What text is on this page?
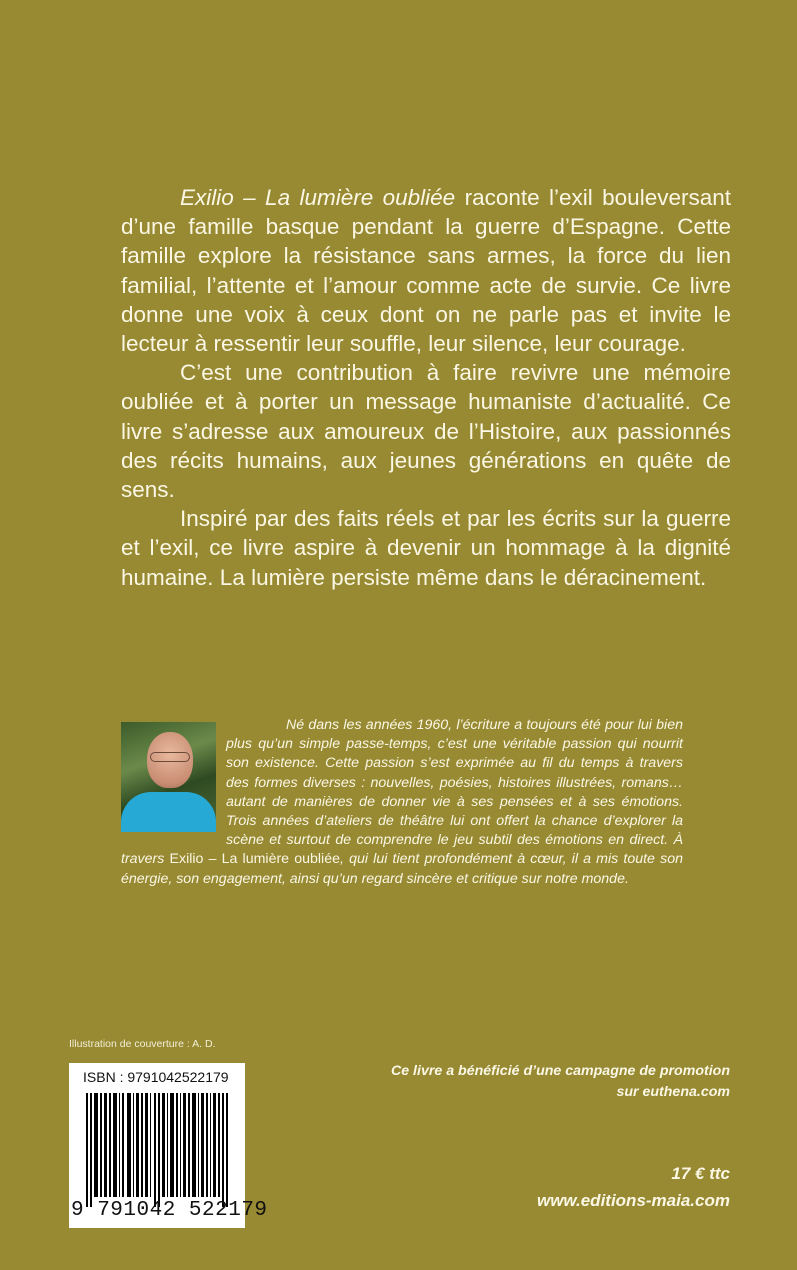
Exilio – La lumière oubliée raconte l’exil bouleversant d’une famille basque pendant la guerre d’Espagne. Cette famille explore la résistance sans armes, la force du lien familial, l’attente et l’amour comme acte de survie. Ce livre donne une voix à ceux dont on ne parle pas et invite le lecteur à ressentir leur souffle, leur silence, leur courage.

C’est une contribution à faire revivre une mémoire oubliée et à porter un message humaniste d’actualité. Ce livre s’adresse aux amoureux de l’Histoire, aux passionnés des récits humains, aux jeunes générations en quête de sens.

Inspiré par des faits réels et par les écrits sur la guerre et l’exil, ce livre aspire à devenir un hommage à la dignité humaine. La lumière persiste même dans le déracinement.

Né dans les années 1960, l’écriture a toujours été pour lui bien plus qu’un simple passe-temps, c’est une véritable passion qui nourrit son existence. Cette passion s’est exprimée au fil du temps à travers des formes diverses : nouvelles, poésies, histoires illustrées, romans… autant de manières de donner vie à ses pensées et à ses émotions. Trois années d’ateliers de théâtre lui ont offert la chance d’explorer la scène et surtout de comprendre le jeu subtil des émotions en direct. À travers Exilio – La lumière oubliée, qui lui tient profondément à cœur, il a mis toute son énergie, son engagement, ainsi qu’un regard sincère et critique sur notre monde.
Illustration de couverture : A. D.
ISBN : 9791042522179
9 791042 522179
Ce livre a bénéficié d’une campagne de promotion
sur euthena.com
17 € ttc
www.editions-maia.com
